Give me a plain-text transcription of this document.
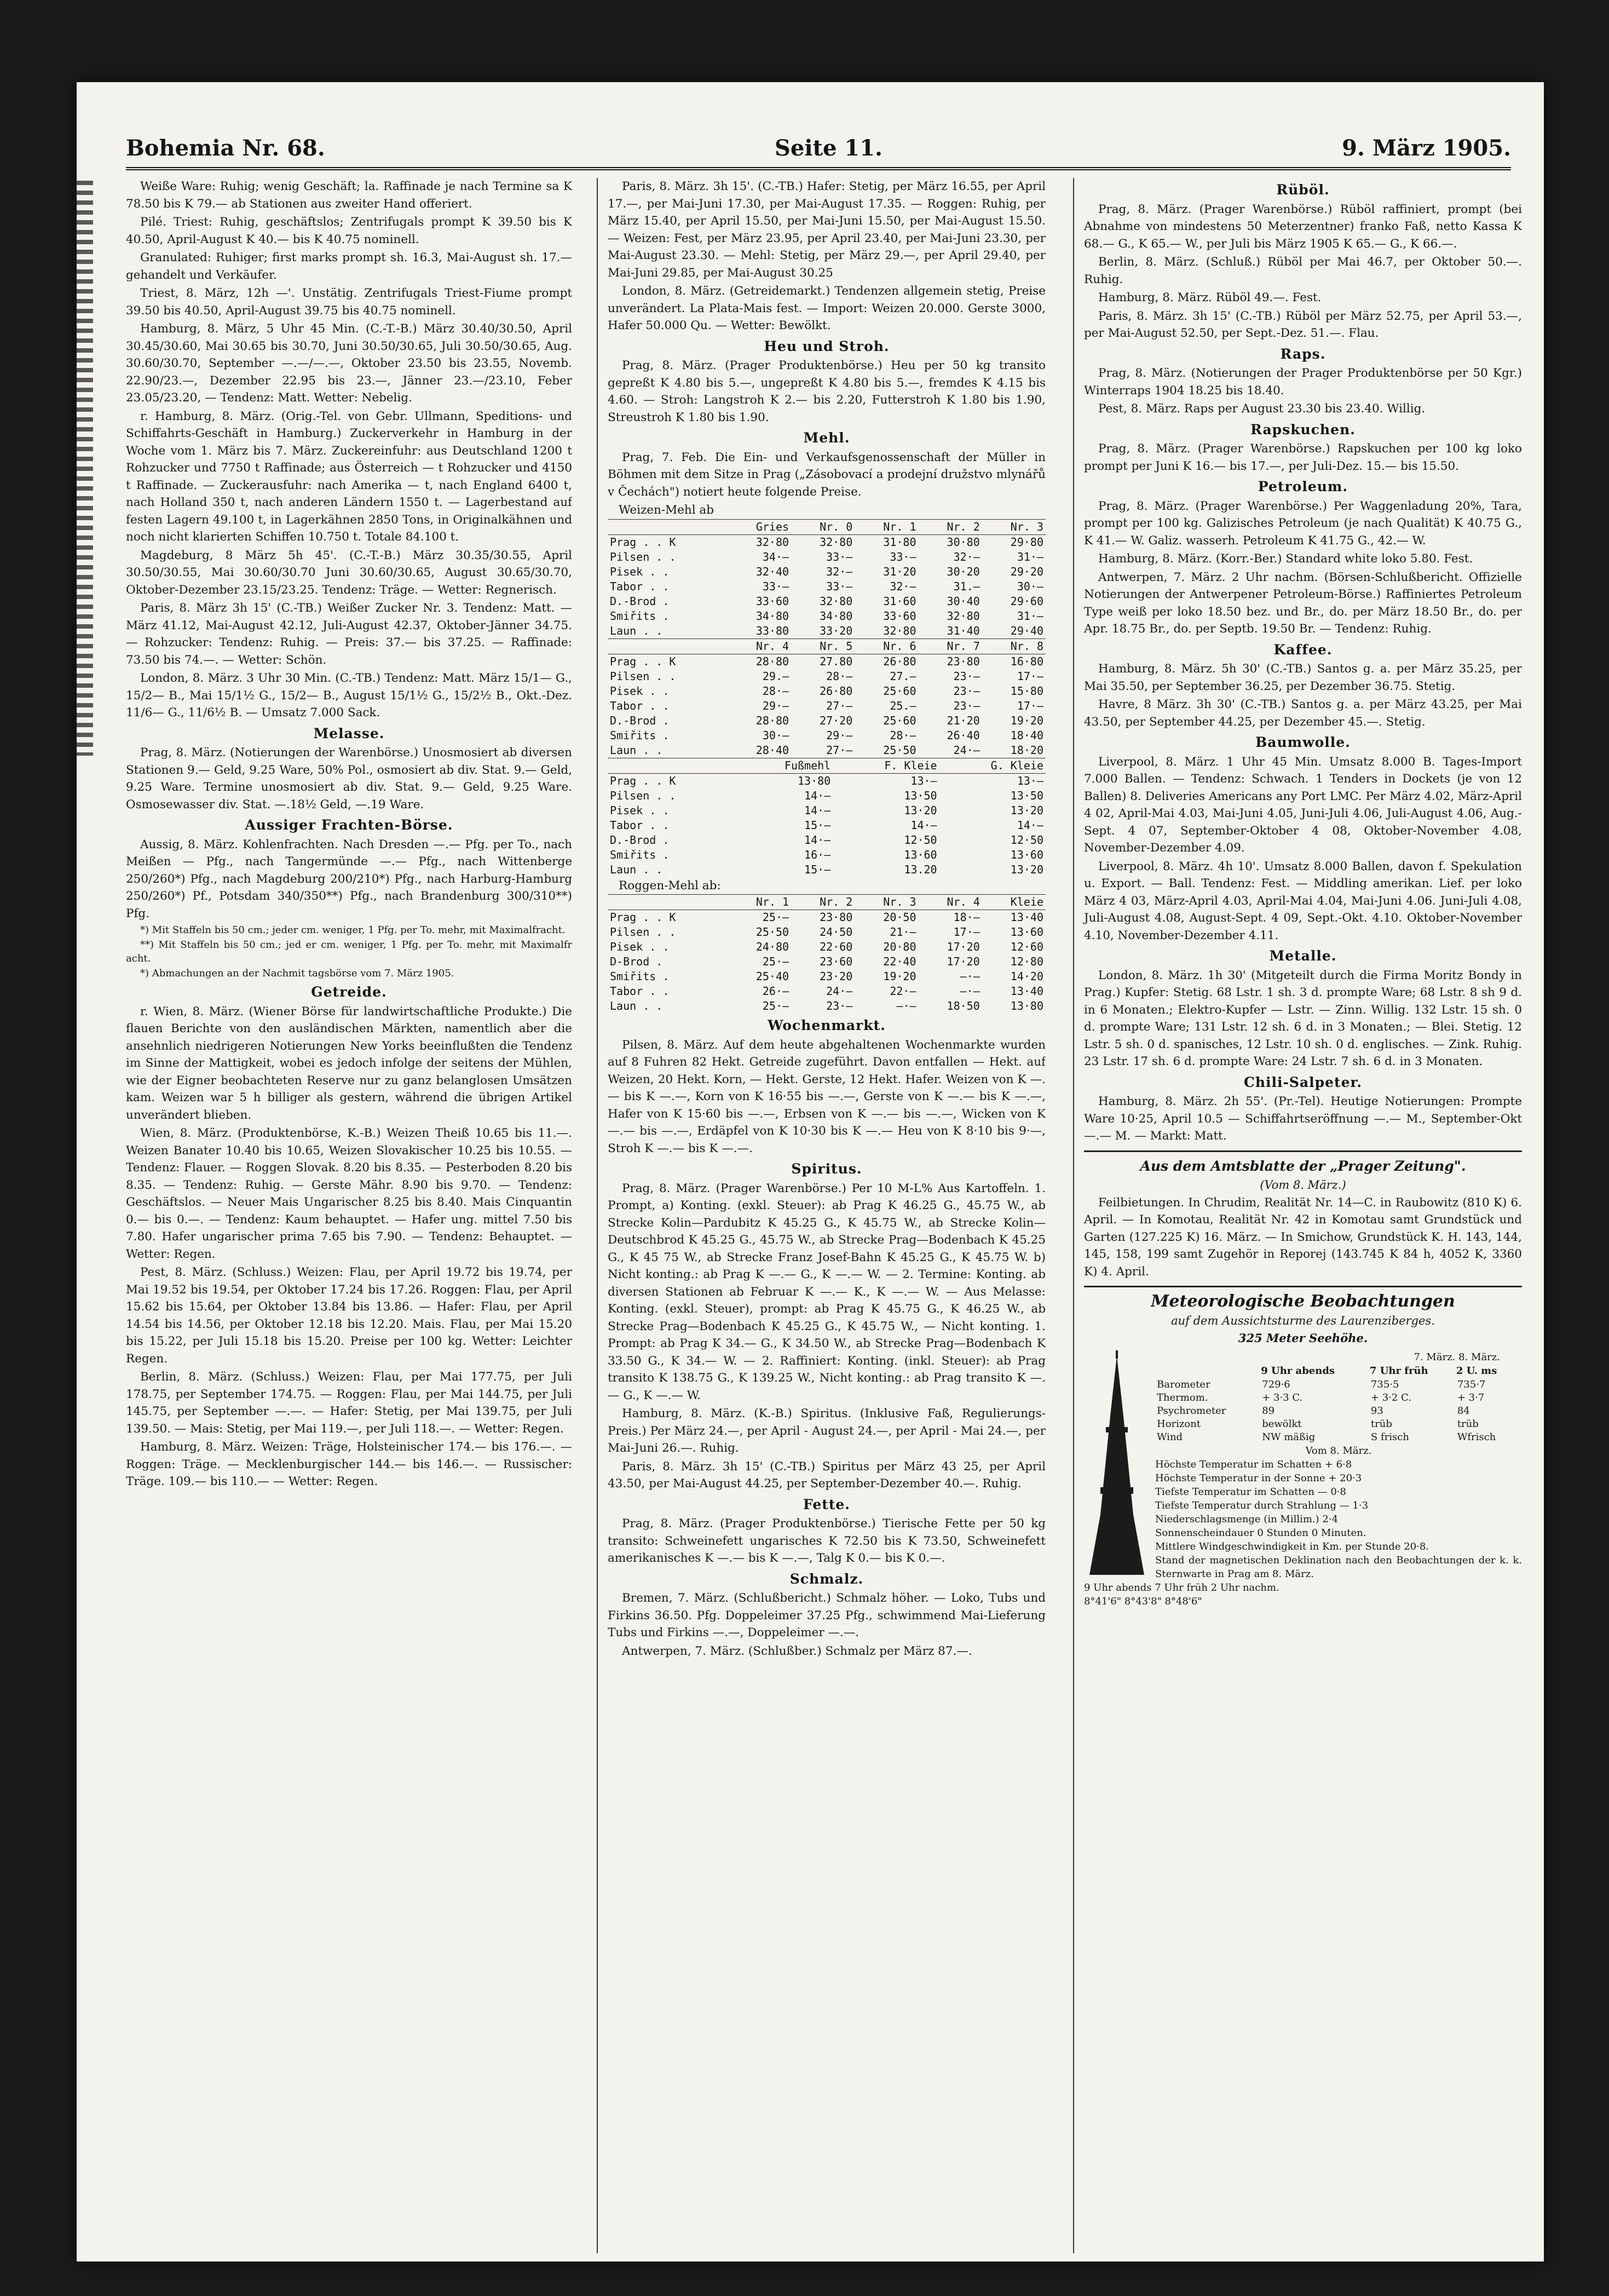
Bohemia Nr. 68.	Seite 11.	9. März 1905.

Weiße Ware: Ruhig; wenig Geschäft; la. Raffinade je nach Termine sa K 78.50 bis K 79.— ab Stationen aus zweiter Hand offeriert.

Pilé. Triest: Ruhig, geschäftslos; Zentrifugals prompt K 39.50 bis K 40.50, April-August K 40.— bis K 40.75 nominell.

Granulated: Ruhiger; first marks prompt sh. 16.3, Mai-August sh. 17.— gehandelt und Verkäufer.

Triest, 8. März, 12h —'. Unstätig. Zentrifugals Triest-Fiume prompt 39.50 bis 40.50, April-August 39.75 bis 40.75 nominell.

Hamburg, 8. März, 5 Uhr 45 Min. (C.-T.-B.) März 30.40/30.50, April 30.45/30.60, Mai 30.65 bis 30.70, Juni 30.50/30.65, Juli 30.50/30.65, Aug. 30.60/30.70, September —.—/—.—, Oktober 23.50 bis 23.55, Novemb. 22.90/23.—, Dezember 22.95 bis 23.—, Jänner 23.—/23.10, Feber 23.05/23.20, — Tendenz: Matt. Wetter: Nebelig.

r. Hamburg, 8. März. (Orig.-Tel. von Gebr. Ullmann, Speditions- und Schiffahrts-Geschäft in Hamburg.) Zuckerverkehr in Hamburg in der Woche vom 1. März bis 7. März. Zuckereinfuhr: aus Deutschland 1200 t Rohzucker und 7750 t Raffinade; aus Österreich — t Rohzucker und 4150 t Raffinade. — Zuckerausfuhr: nach Amerika — t, nach England 6400 t, nach Holland 350 t, nach anderen Ländern 1550 t. — Lagerbestand auf festen Lagern 49.100 t, in Lagerkähnen 2850 Tons, in Originalkähnen und noch nicht klarierten Schiffen 10.750 t. Totale 84.100 t.

Magdeburg, 8 März 5h 45'. (C.-T.-B.) März 30.35/30.55, April 30.50/30.55, Mai 30.60/30.70 Juni 30.60/30.65, August 30.65/30.70, Oktober-Dezember 23.15/23.25. Tendenz: Träge. — Wetter: Regnerisch.

Paris, 8. März 3h 15' (C.-TB.) Weißer Zucker Nr. 3. Tendenz: Matt. — März 41.12, Mai-August 42.12, Juli-August 42.37, Oktober-Jänner 34.75. — Rohzucker: Tendenz: Ruhig. — Preis: 37.— bis 37.25. — Raffinade: 73.50 bis 74.—. — Wetter: Schön.

London, 8. März. 3 Uhr 30 Min. (C.-TB.) Tendenz: Matt. März 15/1— G., 15/2— B., Mai 15/1½ G., 15/2— B., August 15/1½ G., 15/2½ B., Okt.-Dez. 11/6— G., 11/6½ B. — Umsatz 7.000 Sack.

Melasse.

Prag, 8. März. (Notierungen der Warenbörse.) Unosmosiert ab diversen Stationen 9.— Geld, 9.25 Ware, 50% Pol., osmosiert ab div. Stat. 9.— Geld, 9.25 Ware. Termine unosmosiert ab div. Stat. 9.— Geld, 9.25 Ware. Osmosewasser div. Stat. —.18½ Geld, —.19 Ware.

Aussiger Frachten-Börse.

Aussig, 8. März. Kohlenfrachten. Nach Dresden —.— Pfg. per To., nach Meißen — Pfg., nach Tangermünde —.— Pfg., nach Wittenberge 250/260*) Pfg., nach Magdeburg 200/210*) Pfg., nach Harburg-Hamburg 250/260*) Pf., Potsdam 340/350**) Pfg., nach Brandenburg 300/310**) Pfg.

*) Mit Staffeln bis 50 cm.; jeder cm. weniger, 1 Pfg. per To. mehr, mit Maximalfracht.

**) Mit Staffeln bis 50 cm.; jed er cm. weniger, 1 Pfg. per To. mehr, mit Maximalfr acht.

*) Abmachungen an der Nachmit tagsbörse vom 7. März 1905.

Getreide.

r. Wien, 8. März. (Wiener Börse für landwirtschaftliche Produkte.) Die flauen Berichte von den ausländischen Märkten, namentlich aber die ansehnlich niedrigeren Notierungen New Yorks beeinflußten die Tendenz im Sinne der Mattigkeit, wobei es jedoch infolge der seitens der Mühlen, wie der Eigner beobachteten Reserve nur zu ganz belanglosen Umsätzen kam. Weizen war 5 h billiger als gestern, während die übrigen Artikel unverändert blieben.

Wien, 8. März. (Produktenbörse, K.-B.) Weizen Theiß 10.65 bis 11.—. Weizen Banater 10.40 bis 10.65, Weizen Slovakischer 10.25 bis 10.55. — Tendenz: Flauer. — Roggen Slovak. 8.20 bis 8.35. — Pesterboden 8.20 bis 8.35. — Tendenz: Ruhig. — Gerste Mähr. 8.90 bis 9.70. — Tendenz: Geschäftslos. — Neuer Mais Ungarischer 8.25 bis 8.40. Mais Cinquantin 0.— bis 0.—. — Tendenz: Kaum behauptet. — Hafer ung. mittel 7.50 bis 7.80. Hafer ungarischer prima 7.65 bis 7.90. — Tendenz: Behauptet. — Wetter: Regen.

Pest, 8. März. (Schluss.) Weizen: Flau, per April 19.72 bis 19.74, per Mai 19.52 bis 19.54, per Oktober 17.24 bis 17.26. Roggen: Flau, per April 15.62 bis 15.64, per Oktober 13.84 bis 13.86. — Hafer: Flau, per April 14.54 bis 14.56, per Oktober 12.18 bis 12.20. Mais. Flau, per Mai 15.20 bis 15.22, per Juli 15.18 bis 15.20. Preise per 100 kg. Wetter: Leichter Regen.

Berlin, 8. März. (Schluss.) Weizen: Flau, per Mai 177.75, per Juli 178.75, per September 174.75. — Roggen: Flau, per Mai 144.75, per Juli 145.75, per September —.—. — Hafer: Stetig, per Mai 139.75, per Juli 139.50. — Mais: Stetig, per Mai 119.—, per Juli 118.—. — Wetter: Regen.

Hamburg, 8. März. Weizen: Träge, Holsteinischer 174.— bis 176.—. — Roggen: Träge. — Mecklenburgischer 144.— bis 146.—. — Russischer: Träge. 109.— bis 110.— — Wetter: Regen.

Paris, 8. März. 3h 15'. (C.-TB.) Hafer: Stetig, per März 16.55, per April 17.—, per Mai-Juni 17.30, per Mai-August 17.35. — Roggen: Ruhig, per März 15.40, per April 15.50, per Mai-Juni 15.50, per Mai-August 15.50. — Weizen: Fest, per März 23.95, per April 23.40, per Mai-Juni 23.30, per Mai-August 23.30. — Mehl: Stetig, per März 29.—, per April 29.40, per Mai-Juni 29.85, per Mai-August 30.25

London, 8. März. (Getreidemarkt.) Tendenzen allgemein stetig, Preise unverändert. La Plata-Mais fest. — Import: Weizen 20.000. Gerste 3000, Hafer 50.000 Qu. — Wetter: Bewölkt.

Heu und Stroh.

Prag, 8. März. (Prager Produktenbörse.) Heu per 50 kg transito gepreßt K 4.80 bis 5.—, ungepreßt K 4.80 bis 5.—, fremdes K 4.15 bis 4.60. — Stroh: Langstroh K 2.— bis 2.20, Futterstroh K 1.80 bis 1.90, Streustroh K 1.80 bis 1.90.

Mehl.

Prag, 7. Feb. Die Ein- und Verkaufsgenossenschaft der Müller in Böhmen mit dem Sitze in Prag („Zásobovací a prodejní družstvo mlynářů v Čechách") notiert heute folgende Preise.

Weizen-Mehl ab
	Gries	Nr. 0	Nr. 1	Nr. 2	Nr. 3
Prag . . K	32·80	32·80	31·80	30·80	29·80
Pilsen . .	34·—	33·—	33·—	32·—	31·—
Pisek . .	32·40	32·—	31·20	30·20	29·20
Tabor . .	33·—	33·—	32·—	31.—	30·—
D.-Brod .	33·60	32·80	31·60	30·40	29·60
Smiřits .	34·80	34·80	33·60	32·80	31·—
Laun . .	33·80	33·20	32·80	31·40	29·40
	Nr. 4	Nr. 5	Nr. 6	Nr. 7	Nr. 8
Prag . . K	28·80	27.80	26·80	23·80	16·80
Pilsen . .	29.—	28·—	27.—	23·—	17·—
Pisek . .	28·—	26·80	25·60	23·—	15·80
Tabor . .	29·—	27·—	25.—	23·—	17·—
D.-Brod .	28·80	27·20	25·60	21·20	19·20
Smiřits .	30·—	29·—	28·—	26·40	18·40
Laun . .	28·40	27·—	25·50	24·—	18·20
	Fußmehl	F. Kleie	G. Kleie
Prag . . K	13·80	13·—	13·—
Pilsen . .	14·—	13·50	13·50
Pisek . .	14·—	13·20	13·20
Tabor . .	15·—	14·—	14·—
D.-Brod .	14·—	12·50	12·50
Smiřits .	16·—	13·60	13·60
Laun . .	15·—	13.20	13·20
Roggen-Mehl ab:
	Nr. 1	Nr. 2	Nr. 3	Nr. 4	Kleie
Prag . . K	25·—	23·80	20·50	18·—	13·40
Pilsen . .	25·50	24·50	21·—	17·—	13·60
Pisek . .	24·80	22·60	20·80	17·20	12·60
D-Brod .	25·—	23·60	22·40	17·20	12·80
Smiřits .	25·40	23·20	19·20	—·—	14·20
Tabor . .	26·—	24·—	22·—	—·—	13·40
Laun . .	25·—	23·—	—·—	18·50	13·80
Wochenmarkt.

Pilsen, 8. März. Auf dem heute abgehaltenen Wochenmarkte wurden auf 8 Fuhren 82 Hekt. Getreide zugeführt. Davon entfallen — Hekt. auf Weizen, 20 Hekt. Korn, — Hekt. Gerste, 12 Hekt. Hafer. Weizen von K —.— bis K —.—, Korn von K 16·55 bis —.—, Gerste von K —.— bis K —.—, Hafer von K 15·60 bis —.—, Erbsen von K —.— bis —.—, Wicken von K —.— bis —.—, Erdäpfel von K 10·30 bis K —.— Heu von K 8·10 bis 9·—, Stroh K —.— bis K —.—.

Spiritus.

Prag, 8. März. (Prager Warenbörse.) Per 10 M-L% Aus Kartoffeln. 1. Prompt, a) Konting. (exkl. Steuer): ab Prag K 46.25 G., 45.75 W., ab Strecke Kolin—Pardubitz K 45.25 G., K 45.75 W., ab Strecke Kolin—Deutschbrod K 45.25 G., 45.75 W., ab Strecke Prag—Bodenbach K 45.25 G., K 45 75 W., ab Strecke Franz Josef-Bahn K 45.25 G., K 45.75 W. b) Nicht konting.: ab Prag K —.— G., K —.— W. — 2. Termine: Konting. ab diversen Stationen ab Februar K —.— K., K —.— W. — Aus Melasse: Konting. (exkl. Steuer), prompt: ab Prag K 45.75 G., K 46.25 W., ab Strecke Prag—Bodenbach K 45.25 G., K 45.75 W., — Nicht konting. 1. Prompt: ab Prag K 34.— G., K 34.50 W., ab Strecke Prag—Bodenbach K 33.50 G., K 34.— W. — 2. Raffiniert: Konting. (inkl. Steuer): ab Prag transito K 138.75 G., K 139.25 W., Nicht konting.: ab Prag transito K —.— G., K —.— W.

Hamburg, 8. März. (K.-B.) Spiritus. (Inklusive Faß, Regulierungs-Preis.) Per März 24.—, per April - August 24.—, per April - Mai 24.—, per Mai-Juni 26.—. Ruhig.

Paris, 8. März. 3h 15' (C.-TB.) Spiritus per März 43 25, per April 43.50, per Mai-August 44.25, per September-Dezember 40.—. Ruhig.

Fette.

Prag, 8. März. (Prager Produktenbörse.) Tierische Fette per 50 kg transito: Schweinefett ungarisches K 72.50 bis K 73.50, Schweinefett amerikanisches K —.— bis K —.—, Talg K 0.— bis K 0.—.

Schmalz.

Bremen, 7. März. (Schlußbericht.) Schmalz höher. — Loko, Tubs und Firkins 36.50. Pfg. Doppeleimer 37.25 Pfg., schwimmend Mai-Lieferung Tubs und Firkins —.—, Doppeleimer —.—.

Antwerpen, 7. März. (Schlußber.) Schmalz per März 87.—.

Rüböl.

Prag, 8. März. (Prager Warenbörse.) Rüböl raffiniert, prompt (bei Abnahme von mindestens 50 Meterzentner) franko Faß, netto Kassa K 68.— G., K 65.— W., per Juli bis März 1905 K 65.— G., K 66.—.

Berlin, 8. März. (Schluß.) Rüböl per Mai 46.7, per Oktober 50.—. Ruhig.

Hamburg, 8. März. Rüböl 49.—. Fest.

Paris, 8. März. 3h 15' (C.-TB.) Rüböl per März 52.75, per April 53.—, per Mai-August 52.50, per Sept.-Dez. 51.—. Flau.

Raps.

Prag, 8. März. (Notierungen der Prager Produktenbörse per 50 Kgr.) Winterraps 1904 18.25 bis 18.40.

Pest, 8. März. Raps per August 23.30 bis 23.40. Willig.

Rapskuchen.

Prag, 8. März. (Prager Warenbörse.) Rapskuchen per 100 kg loko prompt per Juni K 16.— bis 17.—, per Juli-Dez. 15.— bis 15.50.

Petroleum.

Prag, 8. März. (Prager Warenbörse.) Per Waggenladung 20%, Tara, prompt per 100 kg. Galizisches Petroleum (je nach Qualität) K 40.75 G., K 41.— W. Galiz. wasserh. Petroleum K 41.75 G., 42.— W.

Hamburg, 8. März. (Korr.-Ber.) Standard white loko 5.80. Fest.

Antwerpen, 7. März. 2 Uhr nachm. (Börsen-Schlußbericht. Offizielle Notierungen der Antwerpener Petroleum-Börse.) Raffiniertes Petroleum Type weiß per loko 18.50 bez. und Br., do. per März 18.50 Br., do. per Apr. 18.75 Br., do. per Septb. 19.50 Br. — Tendenz: Ruhig.

Kaffee.

Hamburg, 8. März. 5h 30' (C.-TB.) Santos g. a. per März 35.25, per Mai 35.50, per September 36.25, per Dezember 36.75. Stetig.

Havre, 8 März. 3h 30' (C.-TB.) Santos g. a. per März 43.25, per Mai 43.50, per September 44.25, per Dezember 45.—. Stetig.

Baumwolle.

Liverpool, 8. März. 1 Uhr 45 Min. Umsatz 8.000 B. Tages-Import 7.000 Ballen. — Tendenz: Schwach. 1 Tenders in Dockets (je von 12 Ballen) 8. Deliveries Americans any Port LMC. Per März 4.02, März-April 4 02, April-Mai 4.03, Mai-Juni 4.05, Juni-Juli 4.06, Juli-August 4.06, Aug.-Sept. 4 07, September-Oktober 4 08, Oktober-November 4.08, November-Dezember 4.09.

Liverpool, 8. März. 4h 10'. Umsatz 8.000 Ballen, davon f. Spekulation u. Export. — Ball. Tendenz: Fest. — Middling amerikan. Lief. per loko März 4 03, März-April 4.03, April-Mai 4.04, Mai-Juni 4.06. Juni-Juli 4.08, Juli-August 4.08, August-Sept. 4 09, Sept.-Okt. 4.10. Oktober-November 4.10, November-Dezember 4.11.

Metalle.

London, 8. März. 1h 30' (Mitgeteilt durch die Firma Moritz Bondy in Prag.) Kupfer: Stetig. 68 Lstr. 1 sh. 3 d. prompte Ware; 68 Lstr. 8 sh 9 d. in 6 Monaten.; Elektro-Kupfer — Lstr. — Zinn. Willig. 132 Lstr. 15 sh. 0 d. prompte Ware; 131 Lstr. 12 sh. 6 d. in 3 Monaten.; — Blei. Stetig. 12 Lstr. 5 sh. 0 d. spanisches, 12 Lstr. 10 sh. 0 d. englisches. — Zink. Ruhig. 23 Lstr. 17 sh. 6 d. prompte Ware: 24 Lstr. 7 sh. 6 d. in 3 Monaten.

Chili-Salpeter.

Hamburg, 8. März. 2h 55'. (Pr.-Tel). Heutige Notierungen: Prompte Ware 10·25, April 10.5 — Schiffahrtseröffnung —.— M., September-Okt —.— M. — Markt: Matt.

Aus dem Amtsblatte der „Prager Zeitung".
(Vom 8. März.)

Feilbietungen. In Chrudim, Realität Nr. 14—C. in Raubowitz (810 K) 6. April. — In Komotau, Realität Nr. 42 in Komotau samt Grundstück und Garten (127.225 K) 16. März. — In Smichow, Grundstück K. H. 143, 144, 145, 158, 199 samt Zugehör in Reporej (143.745 K 84 h, 4052 K, 3360 K) 4. April.

Meteorologische Beobachtungen
auf dem Aussichtsturme des Laurenziberges.
325 Meter Seehöhe.
7. März. 8. März.
	9 Uhr abends	7 Uhr früh	2 U. ms
Barometer	729·6	735·5	735·7
Thermom.	+ 3·3 C.	+ 3·2 C.	+ 3·7
Psychrometer	89	93	84
Horizont	bewölkt	trüb	trüb
Wind	NW mäßig	S frisch	Wfrisch
Vom 8. März.
Höchste Temperatur im Schatten + 6·8
Höchste Temperatur in der Sonne + 20·3
Tiefste Temperatur im Schatten — 0·8
Tiefste Temperatur durch Strahlung — 1·3
Niederschlagsmenge (in Millim.) 2·4
Sonnenscheindauer 0 Stunden 0 Minuten.
Mittlere Windgeschwindigkeit in Km. per Stunde 20·8.
Stand der magnetischen Deklination nach den Beobachtungen der k. k. Sternwarte in Prag am 8. März.
9 Uhr abends 7 Uhr früh 2 Uhr nachm.
8°41'6" 8°43'8" 8°48'6"
